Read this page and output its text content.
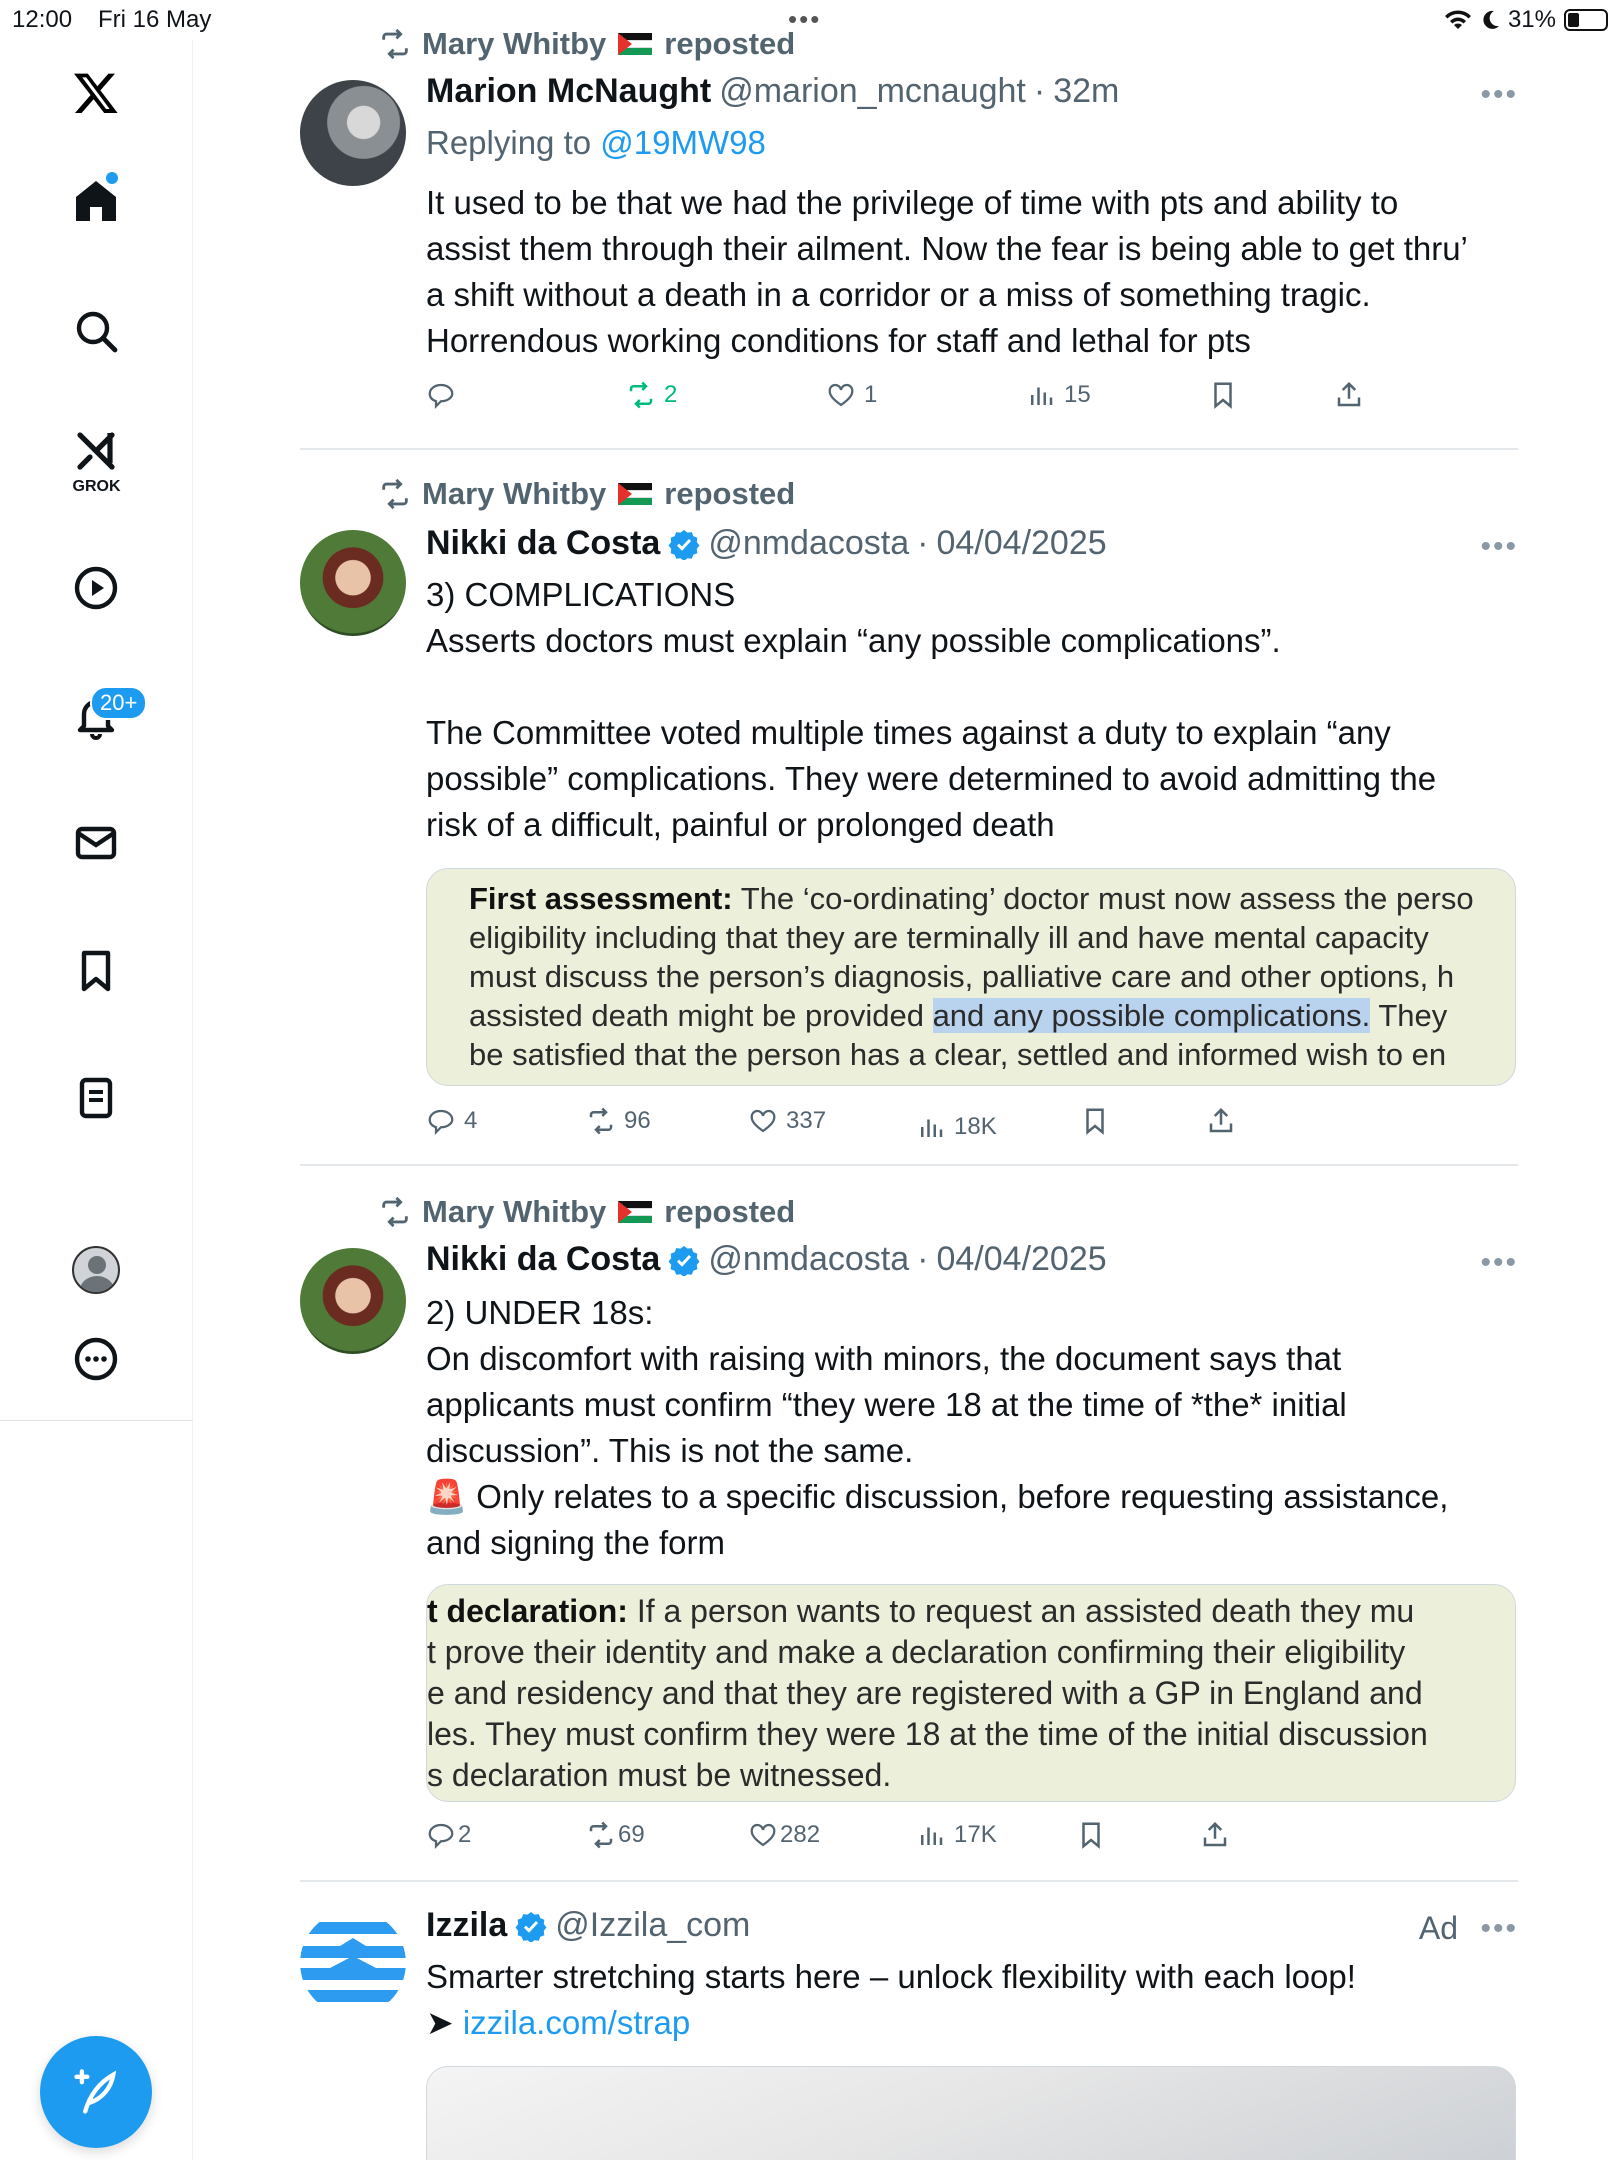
12:00 Fri 16 May	•••	31%
GROK
20+
Mary Whitby reposted
Marion McNaught @marion_mcnaught · 32m	•••
Replying to @19MW98

It used to be that we had the privilege of time with pts and ability to

assist them through their ailment. Now the fear is being able to get thru’

a shift without a death in a corridor or a miss of something tragic.

Horrendous working conditions for staff and lethal for pts

2	1	15
Mary Whitby reposted
Nikki da Costa @nmdacosta · 04/04/2025	•••

3) COMPLICATIONS

Asserts doctors must explain “any possible complications”.

The Committee voted multiple times against a duty to explain “any

possible” complications. They were determined to avoid admitting the

risk of a difficult, painful or prolonged death

First assessment: The ‘co-ordinating’ doctor must now assess the perso
eligibility including that they are terminally ill and have mental capacity
must discuss the person’s diagnosis, palliative care and other options, h
assisted death might be provided and any possible complications. They
be satisfied that the person has a clear, settled and informed wish to en
4	96	337	18K
Mary Whitby reposted
Nikki da Costa @nmdacosta · 04/04/2025	•••

2) UNDER 18s:

On discomfort with raising with minors, the document says that

applicants must confirm “they were 18 at the time of *the* initial

discussion”. This is not the same.

🚨 Only relates to a specific discussion, before requesting assistance,

and signing the form

t declaration: If a person wants to request an assisted death they mu
t prove their identity and make a declaration confirming their eligibility
e and residency and that they are registered with a GP in England and
les. They must confirm they were 18 at the time of the initial discussion
s declaration must be witnessed.
2	69	282	17K
Izzila @Izzila_com	Ad •••

Smarter stretching starts here – unlock flexibility with each loop!

➤ izzila.com/strap
